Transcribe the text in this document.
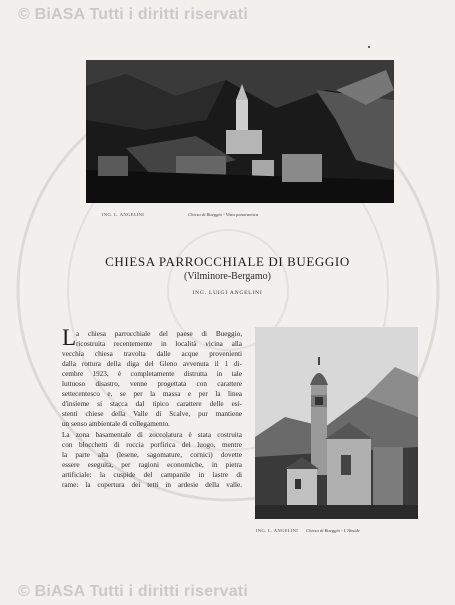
© BiASA Tutti i diritti riservati
ING. L. ANGELINI	Chiesa di Bueggio - Vista panoramica
CHIESA PARROCCHIALE DI BUEGGIO
(Vilminore-Bergamo)
ING. LUIGI ANGELINI
L a chiesa parrocchiale del paese di Bueggio,
ricostruita recentemente in località vicina alla
vecchia chiesa travolta dalle acque provenienti
dalla rottura della diga del Gleno avvenuta il 1 di-
cembre 1923, è completamente distrutta in tale
luttuoso disastro, venne progettata con carattere
settecentesco e, se per la massa e per la linea
d'insieme si stacca dal tipico carattere delle esi-
stenti chiese della Valle di Scalve, pur mantiene
un senso ambientale di collegamento.
La zona basamentale di zoccolatura è stata costruita
con blocchetti di roccia porfirica del luogo, mentre
la parte alta (lesene, sagomature, cornici) dovette
essere eseguita, per ragioni economiche, in pietra
artificiale: la cuspide del campanile in lastre di
rame: la copertura dei tetti in ardesie della valle.
ING. L. ANGELINI Chiesa di Bueggio - L'Abside
© BiASA Tutti i diritti riservati
